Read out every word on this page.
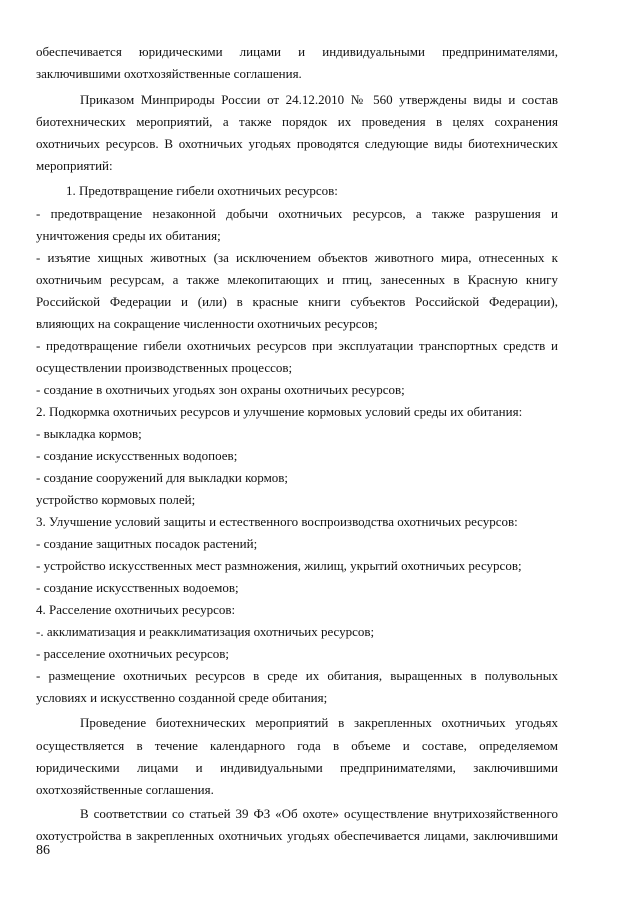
обеспечивается юридическими лицами и индивидуальными предпринимателями,
заключившими охотхозяйственные соглашения.
Приказом Минприроды России от 24.12.2010 № 560 утверждены виды и состав
биотехнических мероприятий, а также порядок их проведения в целях сохранения
охотничьих ресурсов. В охотничьих угодьях проводятся следующие виды биотехнических
мероприятий:
1. Предотвращение гибели охотничьих ресурсов:
- предотвращение незаконной добычи охотничьих ресурсов, а также разрушения и
уничтожения среды их обитания;
- изъятие хищных животных (за исключением объектов животного мира, отнесенных к
охотничьим ресурсам, а также млекопитающих и птиц, занесенных в Красную книгу
Российской Федерации и (или) в красные книги субъектов Российской Федерации),
влияющих на сокращение численности охотничьих ресурсов;
- предотвращение гибели охотничьих ресурсов при эксплуатации транспортных средств и
осуществлении производственных процессов;
- создание в охотничьих угодьях зон охраны охотничьих ресурсов;
2. Подкормка охотничьих ресурсов и улучшение кормовых условий среды их обитания:
- выкладка кормов;
- создание искусственных водопоев;
- создание сооружений для выкладки кормов;
устройство кормовых полей;
3. Улучшение условий защиты и естественного воспроизводства охотничьих ресурсов:
- создание защитных посадок растений;
- устройство искусственных мест размножения, жилищ, укрытий охотничьих ресурсов;
- создание искусственных водоемов;
4. Расселение охотничьих ресурсов:
-. акклиматизация и реакклиматизация охотничьих ресурсов;
- расселение охотничьих ресурсов;
- размещение охотничьих ресурсов в среде их обитания, выращенных в полувольных
условиях и искусственно созданной среде обитания;
Проведение биотехнических мероприятий в закрепленных охотничьих угодьях
осуществляется в течение календарного года в объеме и составе, определяемом
юридическими лицами и индивидуальными предпринимателями, заключившими
охотхозяйственные соглашения.
В соответствии со статьей 39 ФЗ «Об охоте» осуществление внутрихозяйственного
охотустройства в закрепленных охотничьих угодьях обеспечивается лицами, заключившими
86
